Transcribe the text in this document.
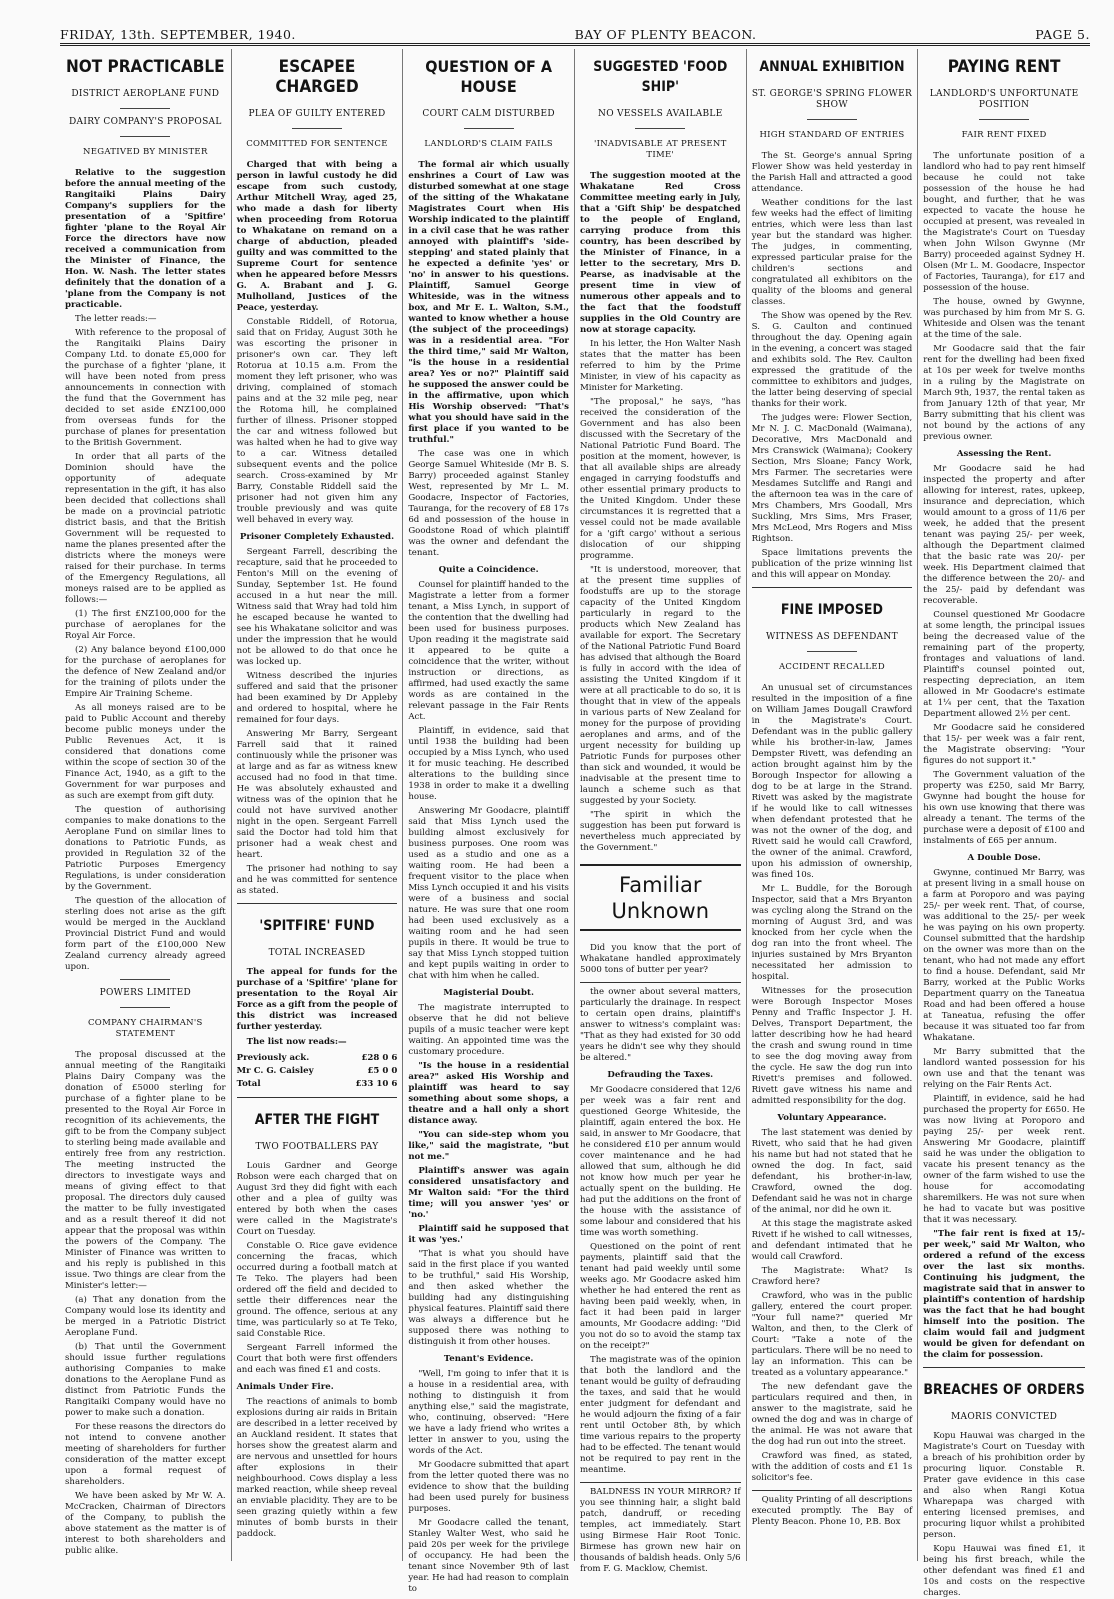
FRIDAY, 13th. SEPTEMBER, 1940.	BAY OF PLENTY BEACON.	PAGE 5.
NOT PRACTICABLE
DISTRICT AEROPLANE FUND
DAIRY COMPANY'S PROPOSAL
NEGATIVED BY MINISTER

Relative to the suggestion before the annual meeting of the Rangitaiki Plains Dairy Company's suppliers for the presentation of a 'Spitfire' fighter 'plane to the Royal Air Force the directors have now received a communication from the Minister of Finance, the Hon. W. Nash. The letter states definitely that the donation of a 'plane from the Company is not practicable.

The letter reads:—

With reference to the proposal of the Rangitaiki Plains Dairy Company Ltd. to donate £5,000 for the purchase of a fighter 'plane, it will have been noted from press announcements in connection with the fund that the Government has decided to set aside £NZ100,000 from overseas funds for the purchase of planes for presentation to the British Government.

In order that all parts of the Dominion should have the opportunity of adequate representation in the gift, it has also been decided that collections shall be made on a provincial patriotic district basis, and that the British Government will be requested to name the planes presented after the districts where the moneys were raised for their purchase. In terms of the Emergency Regulations, all moneys raised are to be applied as follows:—

(1) The first £NZ100,000 for the purchase of aeroplanes for the Royal Air Force.

(2) Any balance beyond £100,000 for the purchase of aeroplanes for the defence of New Zealand and/or for the training of pilots under the Empire Air Training Scheme.

As all moneys raised are to be paid to Public Account and thereby become public moneys under the Public Revenues Act, it is considered that donations come within the scope of section 30 of the Finance Act, 1940, as a gift to the Government for war purposes and as such are exempt from gift duty.

The question of authorising companies to make donations to the Aeroplane Fund on similar lines to donations to Patriotic Funds, as provided in Regulation 32 of the Patriotic Purposes Emergency Regulations, is under consideration by the Government.

The question of the allocation of sterling does not arise as the gift would be merged in the Auckland Provincial District Fund and would form part of the £100,000 New Zealand currency already agreed upon.

POWERS LIMITED
COMPANY CHAIRMAN'S STATEMENT

The proposal discussed at the annual meeting of the Rangitaiki Plains Dairy Company was the donation of £5000 sterling for purchase of a fighter plane to be presented to the Royal Air Force in recognition of its achievements, the gift to be from the Company subject to sterling being made available and entirely free from any restriction. The meeting instructed the directors to investigate ways and means of giving effect to that proposal. The directors duly caused the matter to be fully investigated and as a result thereof it did not appear that the proposal was within the powers of the Company. The Minister of Finance was written to and his reply is published in this issue. Two things are clear from the Minister's letter:—

(a) That any donation from the Company would lose its identity and be merged in a Patriotic District Aeroplane Fund.

(b) That until the Government should issue further regulations authorising Companies to make donations to the Aeroplane Fund as distinct from Patriotic Funds the Rangitaiki Company would have no power to make such a donation.

For these reasons the directors do not intend to convene another meeting of shareholders for further consideration of the matter except upon a formal request of shareholders.

We have been asked by Mr W. A. McCracken, Chairman of Directors of the Company, to publish the above statement as the matter is of interest to both shareholders and public alike.

ESCAPEE CHARGED
PLEA OF GUILTY ENTERED
COMMITTED FOR SENTENCE

Charged that with being a person in lawful custody he did escape from such custody, Arthur Mitchell Wray, aged 25, who made a dash for liberty when proceeding from Rotorua to Whakatane on remand on a charge of abduction, pleaded guilty and was committed to the Supreme Court for sentence when he appeared before Messrs G. A. Brabant and J. G. Mulholland, Justices of the Peace, yesterday.

Constable Riddell, of Rotorua, said that on Friday, August 30th he was escorting the prisoner in prisoner's own car. They left Rotorua at 10.15 a.m. From the moment they left prisoner, who was driving, complained of stomach pains and at the 32 mile peg, near the Rotoma hill, he complained further of illness. Prisoner stopped the car and witness followed but was halted when he had to give way to a car. Witness detailed subsequent events and the police search. Cross-examined by Mr Barry, Constable Riddell said the prisoner had not given him any trouble previously and was quite well behaved in every way.

Prisoner Completely Exhausted.

Sergeant Farrell, describing the recapture, said that he proceeded to Fenton's Mill on the evening of Sunday, September 1st. He found accused in a hut near the mill. Witness said that Wray had told him he escaped because he wanted to see his Whakatane solicitor and was under the impression that he would not be allowed to do that once he was locked up.

Witness described the injuries suffered and said that the prisoner had been examined by Dr Appleby and ordered to hospital, where he remained for four days.

Answering Mr Barry, Sergeant Farrell said that it rained continuously while the prisoner was at large and as far as witness knew accused had no food in that time. He was absolutely exhausted and witness was of the opinion that he could not have survived another night in the open. Sergeant Farrell said the Doctor had told him that prisoner had a weak chest and heart.

The prisoner had nothing to say and he was committed for sentence as stated.

'SPITFIRE' FUND
TOTAL INCREASED

The appeal for funds for the purchase of a 'Spitfire' 'plane for presentation to the Royal Air Force as a gift from the people of this district was increased further yesterday.

The list now reads:—
Previously ack.	£28 0 6
Mr C. G. Caisley	£5 0 0
Total	£33 10 6
AFTER THE FIGHT
TWO FOOTBALLERS PAY

Louis Gardner and George Robson were each charged that on August 3rd they did fight with each other and a plea of guilty was entered by both when the cases were called in the Magistrate's Court on Tuesday.

Constable O. Rice gave evidence concerning the fracas, which occurred during a football match at Te Teko. The players had been ordered off the field and decided to settle their differences near the ground. The offence, serious at any time, was particularly so at Te Teko, said Constable Rice.

Sergeant Farrell informed the Court that both were first offenders and each was fined £1 and costs.

Animals Under Fire.

The reactions of animals to bomb explosions during air raids in Britain are described in a letter received by an Auckland resident. It states that horses show the greatest alarm and are nervous and unsettled for hours after explosions in their neighbourhood. Cows display a less marked reaction, while sheep reveal an enviable placidity. They are to be seen grazing quietly within a few minutes of bomb bursts in their paddock.

QUESTION OF A HOUSE
COURT CALM DISTURBED
LANDLORD'S CLAIM FAILS

The formal air which usually enshrines a Court of Law was disturbed somewhat at one stage of the sitting of the Whakatane Magistrates Court when His Worship indicated to the plaintiff in a civil case that he was rather annoyed with plaintiff's 'side-stepping' and stated plainly that he expected a definite 'yes' or 'no' in answer to his questions. Plaintiff, Samuel George Whiteside, was in the witness box, and Mr E. L. Walton, S.M., wanted to know whether a house (the subject of the proceedings) was in a residential area. "For the third time," said Mr Walton, "is the house in a residential area? Yes or no?" Plaintiff said he supposed the answer could be in the affirmative, upon which His Worship observed: "That's what you should have said in the first place if you wanted to be truthful."

The case was one in which George Samuel Whiteside (Mr B. S. Barry) proceeded against Stanley West, represented by Mr L. M. Goodacre, Inspector of Factories, Tauranga, for the recovery of £8 17s 6d and possession of the house in Goodstone Road of which plaintiff was the owner and defendant the tenant.

Quite a Coincidence.

Counsel for plaintiff handed to the Magistrate a letter from a former tenant, a Miss Lynch, in support of the contention that the dwelling had been used for business purposes. Upon reading it the magistrate said it appeared to be quite a coincidence that the writer, without instruction or directions, as affirmed, had used exactly the same words as are contained in the relevant passage in the Fair Rents Act.

Plaintiff, in evidence, said that until 1938 the building had been occupied by a Miss Lynch, who used it for music teaching. He described alterations to the building since 1938 in order to make it a dwelling house.

Answering Mr Goodacre, plaintiff said that Miss Lynch used the building almost exclusively for business purposes. One room was used as a studio and one as a waiting room. He had been a frequent visitor to the place when Miss Lynch occupied it and his visits were of a business and social nature. He was sure that one room had been used exclusively as a waiting room and he had seen pupils in there. It would be true to say that Miss Lynch stopped tuition and kept pupils waiting in order to chat with him when he called.

Magisterial Doubt.

The magistrate interrupted to observe that he did not believe pupils of a music teacher were kept waiting. An appointed time was the customary procedure.

"Is the house in a residential area?" asked His Worship and plaintiff was heard to say something about some shops, a theatre and a hall only a short distance away.

"You can side-step whom you like," said the magistrate, "but not me."

Plaintiff's answer was again considered unsatisfactory and Mr Walton said: "For the third time; will you answer 'yes' or 'no.'

Plaintiff said he supposed that it was 'yes.'

"That is what you should have said in the first place if you wanted to be truthful," said His Worship, and then asked whether the building had any distinguishing physical features. Plaintiff said there was always a difference but he supposed there was nothing to distinguish it from other houses.

Tenant's Evidence.

"Well, I'm going to infer that it is a house in a residential area, with nothing to distinguish it from anything else," said the magistrate, who, continuing, observed: "Here we have a lady friend who writes a letter in answer to you, using the words of the Act.

Mr Goodacre submitted that apart from the letter quoted there was no evidence to show that the building had been used purely for business purposes.

Mr Goodacre called the tenant, Stanley Walter West, who said he paid 20s per week for the privilege of occupancy. He had been the tenant since November 9th of last year. He had had reason to complain to

SUGGESTED 'FOOD SHIP'
NO VESSELS AVAILABLE
'INADVISABLE AT PRESENT TIME'

The suggestion mooted at the Whakatane Red Cross Committee meeting early in July, that a 'Gift Ship' be despatched to the people of England, carrying produce from this country, has been described by the Minister of Finance, in a letter to the secretary, Mrs D. Pearse, as inadvisable at the present time in view of numerous other appeals and to the fact that the foodstuff supplies in the Old Country are now at storage capacity.

In his letter, the Hon Walter Nash states that the matter has been referred to him by the Prime Minister, in view of his capacity as Minister for Marketing.

"The proposal," he says, "has received the consideration of the Government and has also been discussed with the Secretary of the National Patriotic Fund Board. The position at the moment, however, is that all available ships are already engaged in carrying foodstuffs and other essential primary products to the United Kingdom. Under these circumstances it is regretted that a vessel could not be made available for a 'gift cargo' without a serious dislocation of our shipping programme.

"It is understood, moreover, that at the present time supplies of foodstuffs are up to the storage capacity of the United Kingdom particularly in regard to the products which New Zealand has available for export. The Secretary of the National Patriotic Fund Board has advised that although the Board is fully in accord with the idea of assisting the United Kingdom if it were at all practicable to do so, it is thought that in view of the appeals in various parts of New Zealand for money for the purpose of providing aeroplanes and arms, and of the urgent necessity for building up Patriotic Funds for purposes other than sick and wounded, it would be inadvisable at the present time to launch a scheme such as that suggested by your Society.

"The spirit in which the suggestion has been put forward is nevertheless much appreciated by the Government."

Familiar Unknown

Did you know that the port of Whakatane handled approximately 5000 tons of butter per year?

the owner about several matters, particularly the drainage. In respect to certain open drains, plaintiff's answer to witness's complaint was: "That as they had existed for 30 odd years he didn't see why they should be altered."

Defrauding the Taxes.

Mr Goodacre considered that 12/6 per week was a fair rent and questioned George Whiteside, the plaintiff, again entered the box. He said, in answer to Mr Goodacre, that he considered £10 per annum would cover maintenance and he had allowed that sum, although he did not know how much per year he actually spent on the building. He had put the additions on the front of the house with the assistance of some labour and considered that his time was worth something.

Questioned on the point of rent payments, plaintiff said that the tenant had paid weekly until some weeks ago. Mr Goodacre asked him whether he had entered the rent as having been paid weekly, when, in fact it had been paid in larger amounts, Mr Goodacre adding: "Did you not do so to avoid the stamp tax on the receipt?"

The magistrate was of the opinion that both the landlord and the tenant would be guilty of defrauding the taxes, and said that he would enter judgment for defendant and he would adjourn the fixing of a fair rent until October 8th, by which time various repairs to the property had to be effected. The tenant would not be required to pay rent in the meantime.

BALDNESS IN YOUR MIRROR? If you see thinning hair, a slight bald patch, dandruff, or receding temples, act immediately. Start using Birmese Hair Root Tonic. Birmese has grown new hair on thousands of baldish heads. Only 5/6 from F. G. Macklow, Chemist.

ANNUAL EXHIBITION
ST. GEORGE'S SPRING FLOWER SHOW
HIGH STANDARD OF ENTRIES

The St. George's annual Spring Flower Show was held yesterday in the Parish Hall and attracted a good attendance.

Weather conditions for the last few weeks had the effect of limiting entries, which were less than last year but the standard was higher. The judges, in commenting, expressed particular praise for the children's sections and congratulated all exhibitors on the quality of the blooms and general classes.

The Show was opened by the Rev. S. G. Caulton and continued throughout the day. Opening again in the evening, a concert was staged and exhibits sold. The Rev. Caulton expressed the gratitude of the committee to exhibitors and judges, the latter being deserving of special thanks for their work.

The judges were: Flower Section, Mr N. J. C. MacDonald (Waimana), Decorative, Mrs MacDonald and Mrs Cranswick (Waimana); Cookery Section, Mrs Sloane; Fancy Work, Mrs Farmer. The secretaries were Mesdames Sutcliffe and Rangi and the afternoon tea was in the care of Mrs Chambers, Mrs Goodall, Mrs Suckling, Mrs Sims, Mrs Fraser, Mrs McLeod, Mrs Rogers and Miss Rightson.

Space limitations prevents the publication of the prize winning list and this will appear on Monday.

FINE IMPOSED
WITNESS AS DEFENDANT
ACCIDENT RECALLED

An unusual set of circumstances resulted in the imposition of a fine on William James Dougall Crawford in the Magistrate's Court. Defendant was in the public gallery while his brother-in-law, James Dempster Rivett, was defending an action brought against him by the Borough Inspector for allowing a dog to be at large in the Strand. Rivett was asked by the magistrate if he would like to call witnesses when defendant protested that he was not the owner of the dog, and Rivett said he would call Crawford, the owner of the animal. Crawford, upon his admission of ownership, was fined 10s.

Mr L. Buddle, for the Borough Inspector, said that a Mrs Bryanton was cycling along the Strand on the morning of August 3rd, and was knocked from her cycle when the dog ran into the front wheel. The injuries sustained by Mrs Bryanton necessitated her admission to hospital.

Witnesses for the prosecution were Borough Inspector Moses Penny and Traffic Inspector J. H. Delves, Transport Department, the latter describing how he had heard the crash and swung round in time to see the dog moving away from the cycle. He saw the dog run into Rivett's premises and followed. Rivett gave witness his name and admitted responsibility for the dog.

Voluntary Appearance.

The last statement was denied by Rivett, who said that he had given his name but had not stated that he owned the dog. In fact, said defendant, his brother-in-law, Crawford, owned the dog. Defendant said he was not in charge of the animal, nor did he own it.

At this stage the magistrate asked Rivett if he wished to call witnesses, and defendant intimated that he would call Crawford.

The Magistrate: What? Is Crawford here?

Crawford, who was in the public gallery, entered the court proper. "Your full name?" queried Mr Walton, and then, to the Clerk of Court: "Take a note of the particulars. There will be no need to lay an information. This can be treated as a voluntary appearance."

The new defendant gave the particulars required and then, in answer to the magistrate, said he owned the dog and was in charge of the animal. He was not aware that the dog had run out into the street.

Crawford was fined, as stated, with the addition of costs and £1 1s solicitor's fee.

Quality Printing of all descriptions executed promptly. The Bay of Plenty Beacon. Phone 10, P.B. Box

PAYING RENT
LANDLORD'S UNFORTUNATE POSITION
FAIR RENT FIXED

The unfortunate position of a landlord who had to pay rent himself because he could not take possession of the house he had bought, and further, that he was expected to vacate the house he occupied at present, was revealed in the Magistrate's Court on Tuesday when John Wilson Gwynne (Mr Barry) proceeded against Sydney H. Olsen (Mr L. M. Goodacre, Inspector of Factories, Tauranga), for £17 and possession of the house.

The house, owned by Gwynne, was purchased by him from Mr S. G. Whiteside and Olsen was the tenant at the time of the sale.

Mr Goodacre said that the fair rent for the dwelling had been fixed at 10s per week for twelve months in a ruling by the Magistrate on March 9th, 1937, the rental taken as from January 12th of that year, Mr Barry submitting that his client was not bound by the actions of any previous owner.

Assessing the Rent.

Mr Goodacre said he had inspected the property and after allowing for interest, rates, upkeep, insurance and depreciation, which would amount to a gross of 11/6 per week, he added that the present tenant was paying 25/- per week, although the Department claimed that the basic rate was 20/- per week. His Department claimed that the difference between the 20/- and the 25/- paid by defendant was recoverable.

Counsel questioned Mr Goodacre at some length, the principal issues being the decreased value of the remaining part of the property, frontages and valuations of land. Plaintiff's counsel pointed out, respecting depreciation, an item allowed in Mr Goodacre's estimate at 1¼ per cent, that the Taxation Department allowed 2½ per cent.

Mr Goodacre said he considered that 15/- per week was a fair rent, the Magistrate observing: "Your figures do not support it."

The Government valuation of the property was £250, said Mr Barry, Gwynne had bought the house for his own use knowing that there was already a tenant. The terms of the purchase were a deposit of £100 and instalments of £65 per annum.

A Double Dose.

Gwynne, continued Mr Barry, was at present living in a small house on a farm at Poroporo and was paying 25/- per week rent. That, of course, was additional to the 25/- per week he was paying on his own property. Counsel submitted that the hardship on the owner was more than on the tenant, who had not made any effort to find a house. Defendant, said Mr Barry, worked at the Public Works Department quarry on the Taneatua Road and had been offered a house at Taneatua, refusing the offer because it was situated too far from Whakatane.

Mr Barry submitted that the landlord wanted possession for his own use and that the tenant was relying on the Fair Rents Act.

Plaintiff, in evidence, said he had purchased the property for £650. He was now living at Poroporo and paying 25/- per week rent. Answering Mr Goodacre, plaintiff said he was under the obligation to vacate his present tenancy as the owner of the farm wished to use the house for accomodating sharemilkers. He was not sure when he had to vacate but was positive that it was necessary.

"The fair rent is fixed at 15/- per week," said Mr Walton, who ordered a refund of the excess over the last six months. Continuing his judgment, the magistrate said that in answer to plaintiff's contention of hardship was the fact that he had bought himself into the position. The claim would fail and judgment would be given for defendant on the claim for possession.

BREACHES OF ORDERS
MAORIS CONVICTED

Kopu Hauwai was charged in the Magistrate's Court on Tuesday with a breach of his prohibition order by procuring liquor. Constable R. Prater gave evidence in this case and also when Rangi Kotua Wharepapa was charged with entering licensed premises, and procuring liquor whilst a prohibited person.

Kopu Hauwai was fined £1, it being his first breach, while the other defendant was fined £1 and 10s and costs on the respective charges.
